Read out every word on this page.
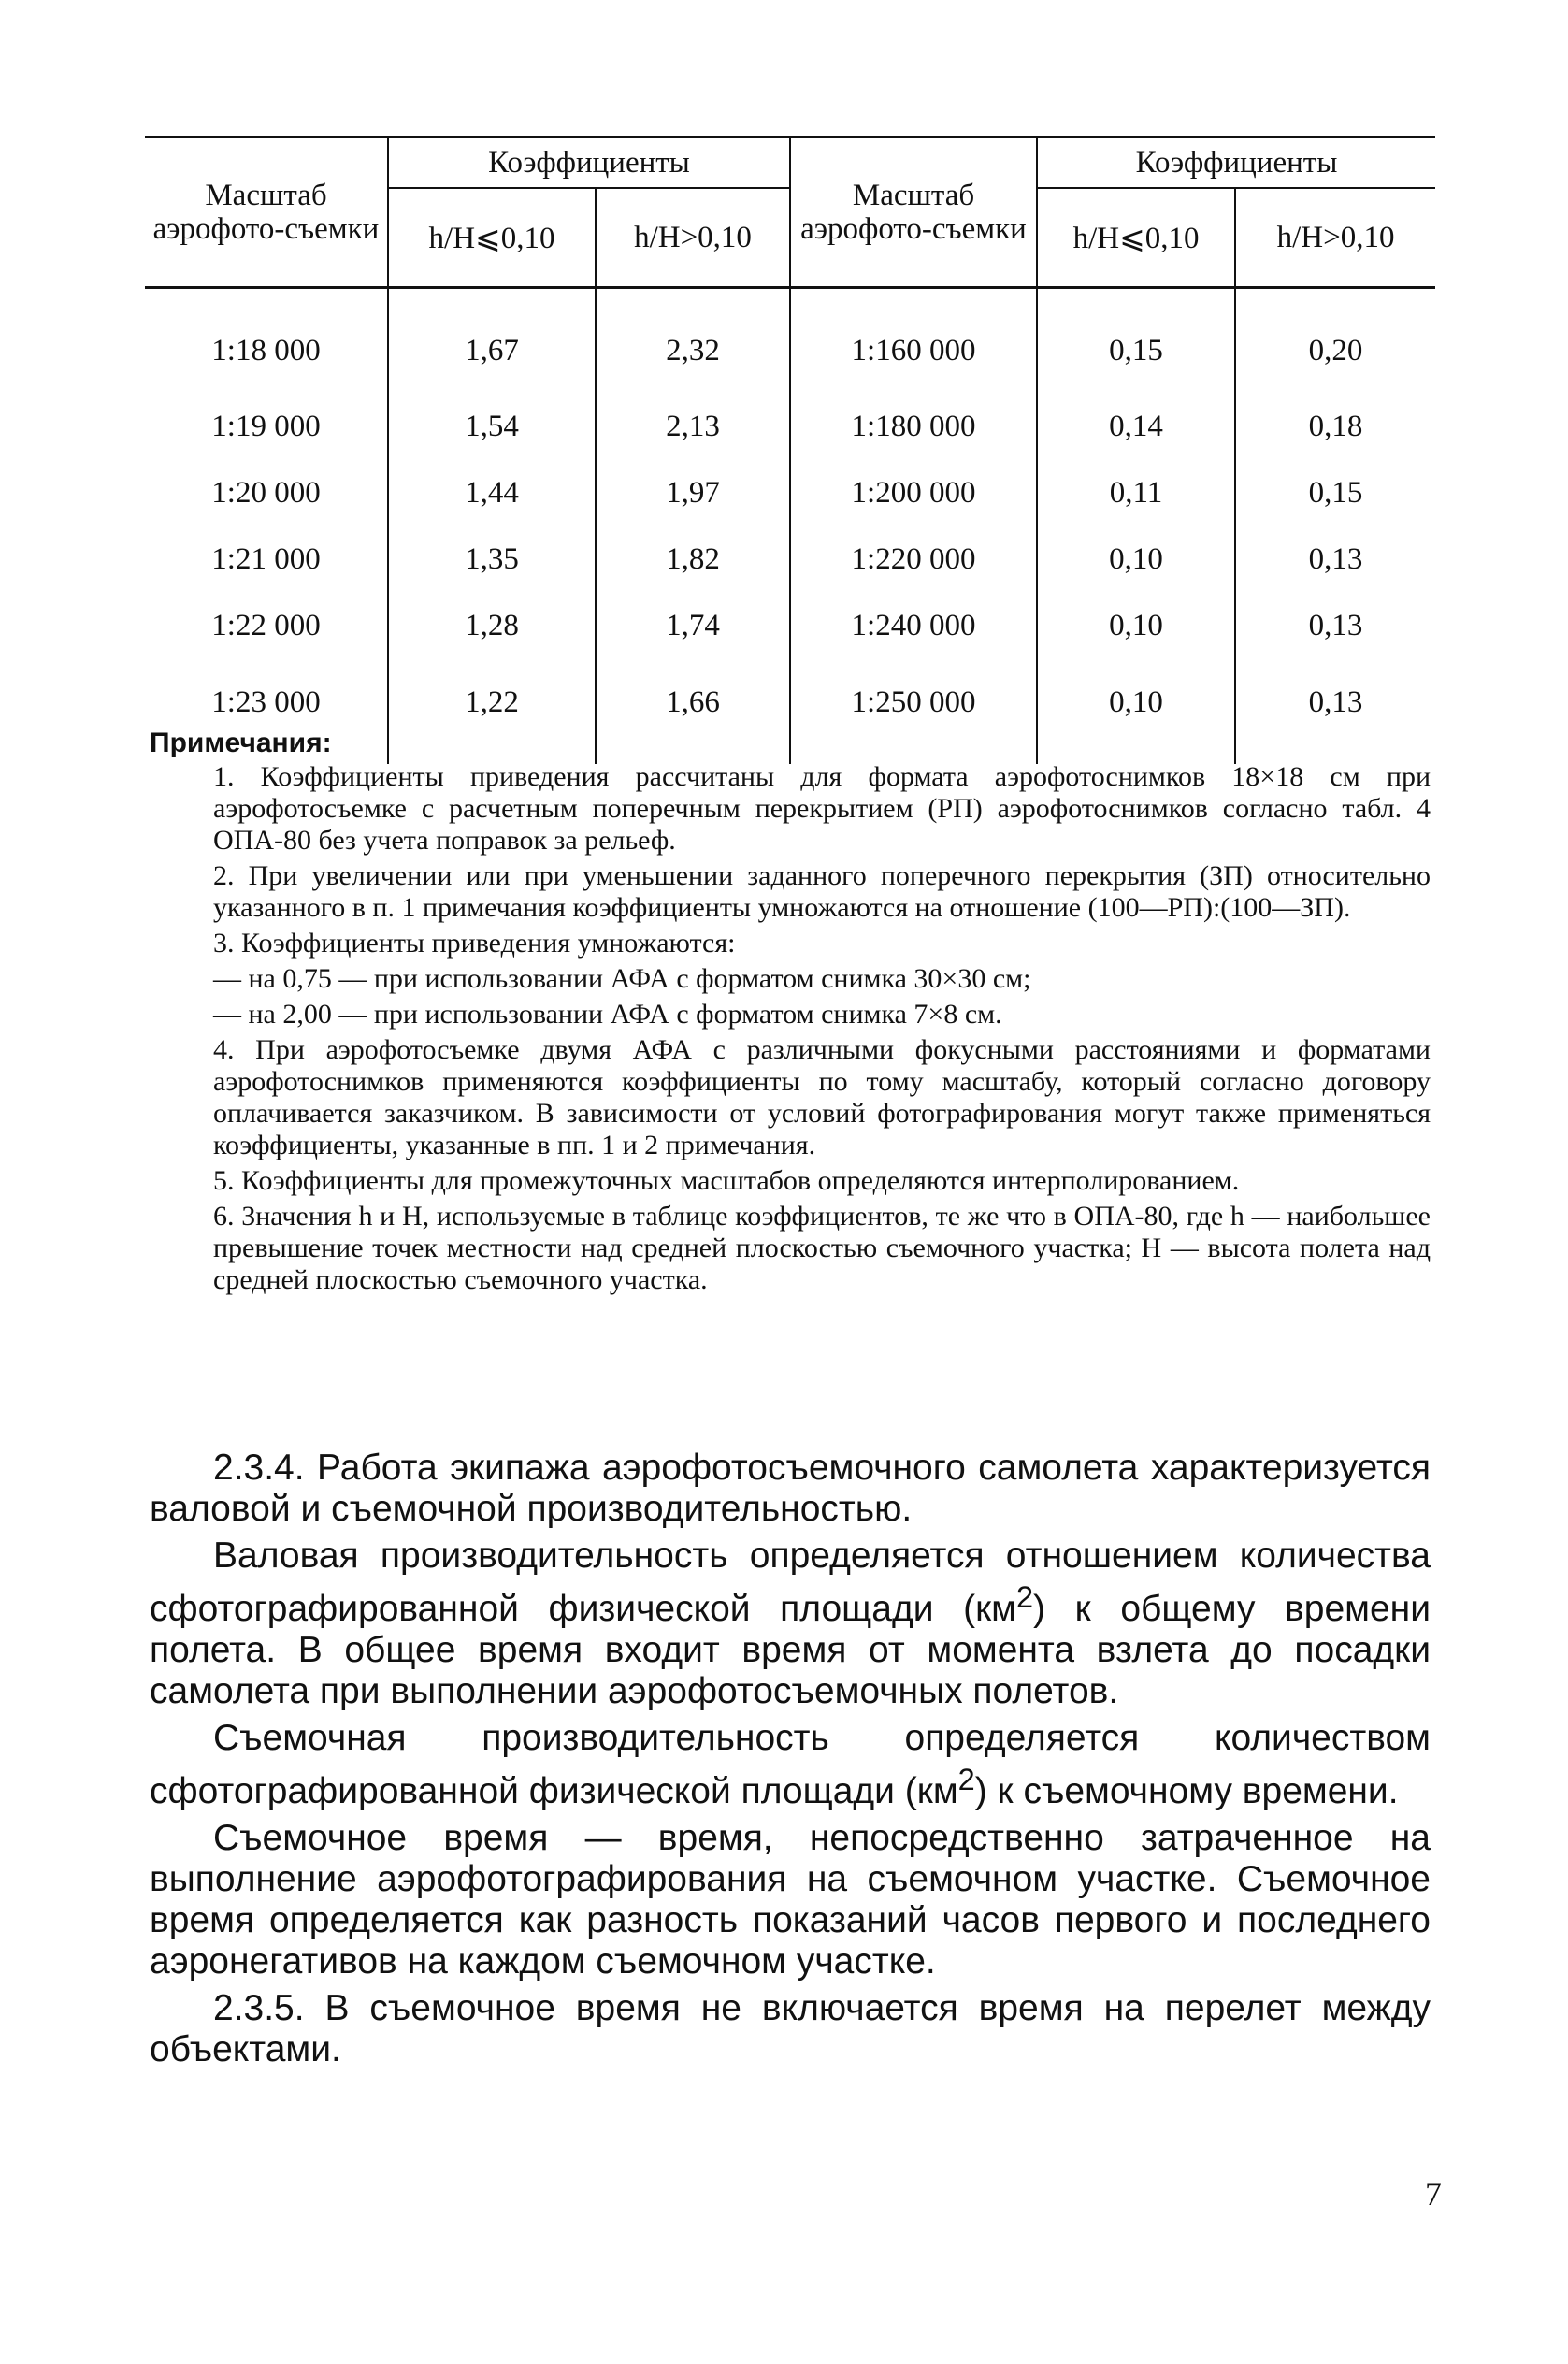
Масштаб аэрофото-съемки	Коэффициенты		Масштаб аэрофото-съемки	Коэффициенты	
	h/H⩽0,10	h/H>0,10		h/H⩽0,10	h/H>0,10
1:18 000	1,67	2,32	1:160 000	0,15	0,20
1:19 000	1,54	2,13	1:180 000	0,14	0,18
1:20 000	1,44	1,97	1:200 000	0,11	0,15
1:21 000	1,35	1,82	1:220 000	0,10	0,13
1:22 000	1,28	1,74	1:240 000	0,10	0,13
1:23 000	1,22	1,66	1:250 000	0,10	0,13
Примечания:

1. Коэффициенты приведения рассчитаны для формата аэрофотоснимков 18×18 см при аэрофотосъемке с расчетным поперечным перекрытием (РП) аэрофотоснимков согласно табл. 4 ОПА-80 без учета поправок за рельеф.

2. При увеличении или при уменьшении заданного поперечного перекрытия (ЗП) относительно указанного в п. 1 примечания коэффициенты умножаются на отношение (100—РП):(100—ЗП).

3. Коэффициенты приведения умножаются:

— на 0,75 — при использовании АФА с форматом снимка 30×30 см;

— на 2,00 — при использовании АФА с форматом снимка 7×8 см.

4. При аэрофотосъемке двумя АФА с различными фокусными расстояниями и форматами аэрофотоснимков применяются коэффициенты по тому масштабу, который согласно договору оплачивается заказчиком. В зависимости от условий фотографирования могут также применяться коэффициенты, указанные в пп. 1 и 2 примечания.

5. Коэффициенты для промежуточных масштабов определяются интерполированием.

6. Значения h и H, используемые в таблице коэффициентов, те же что в ОПА-80, где h — наибольшее превышение точек местности над средней плоскостью съемочного участка; H — высота полета над средней плоскостью съемочного участка.

2.3.4. Работа экипажа аэрофотосъемочного самолета характеризуется валовой и съемочной производительностью.

Валовая производительность определяется отношением количества сфотографированной физической площади $(км^2)$ к общему времени полета. В общее время входит время от момента взлета до посадки самолета при выполнении аэрофотосъемочных полетов.

Съемочная производительность определяется количеством сфотографированной физической площади $(км^2)$ к съемочному времени.

Съемочное время — время, непосредственно затраченное на выполнение аэрофотографирования на съемочном участке. Съемочное время определяется как разность показаний часов первого и последнего аэронегативов на каждом съемочном участке.

2.3.5. В съемочное время не включается время на перелет между объектами.

7
